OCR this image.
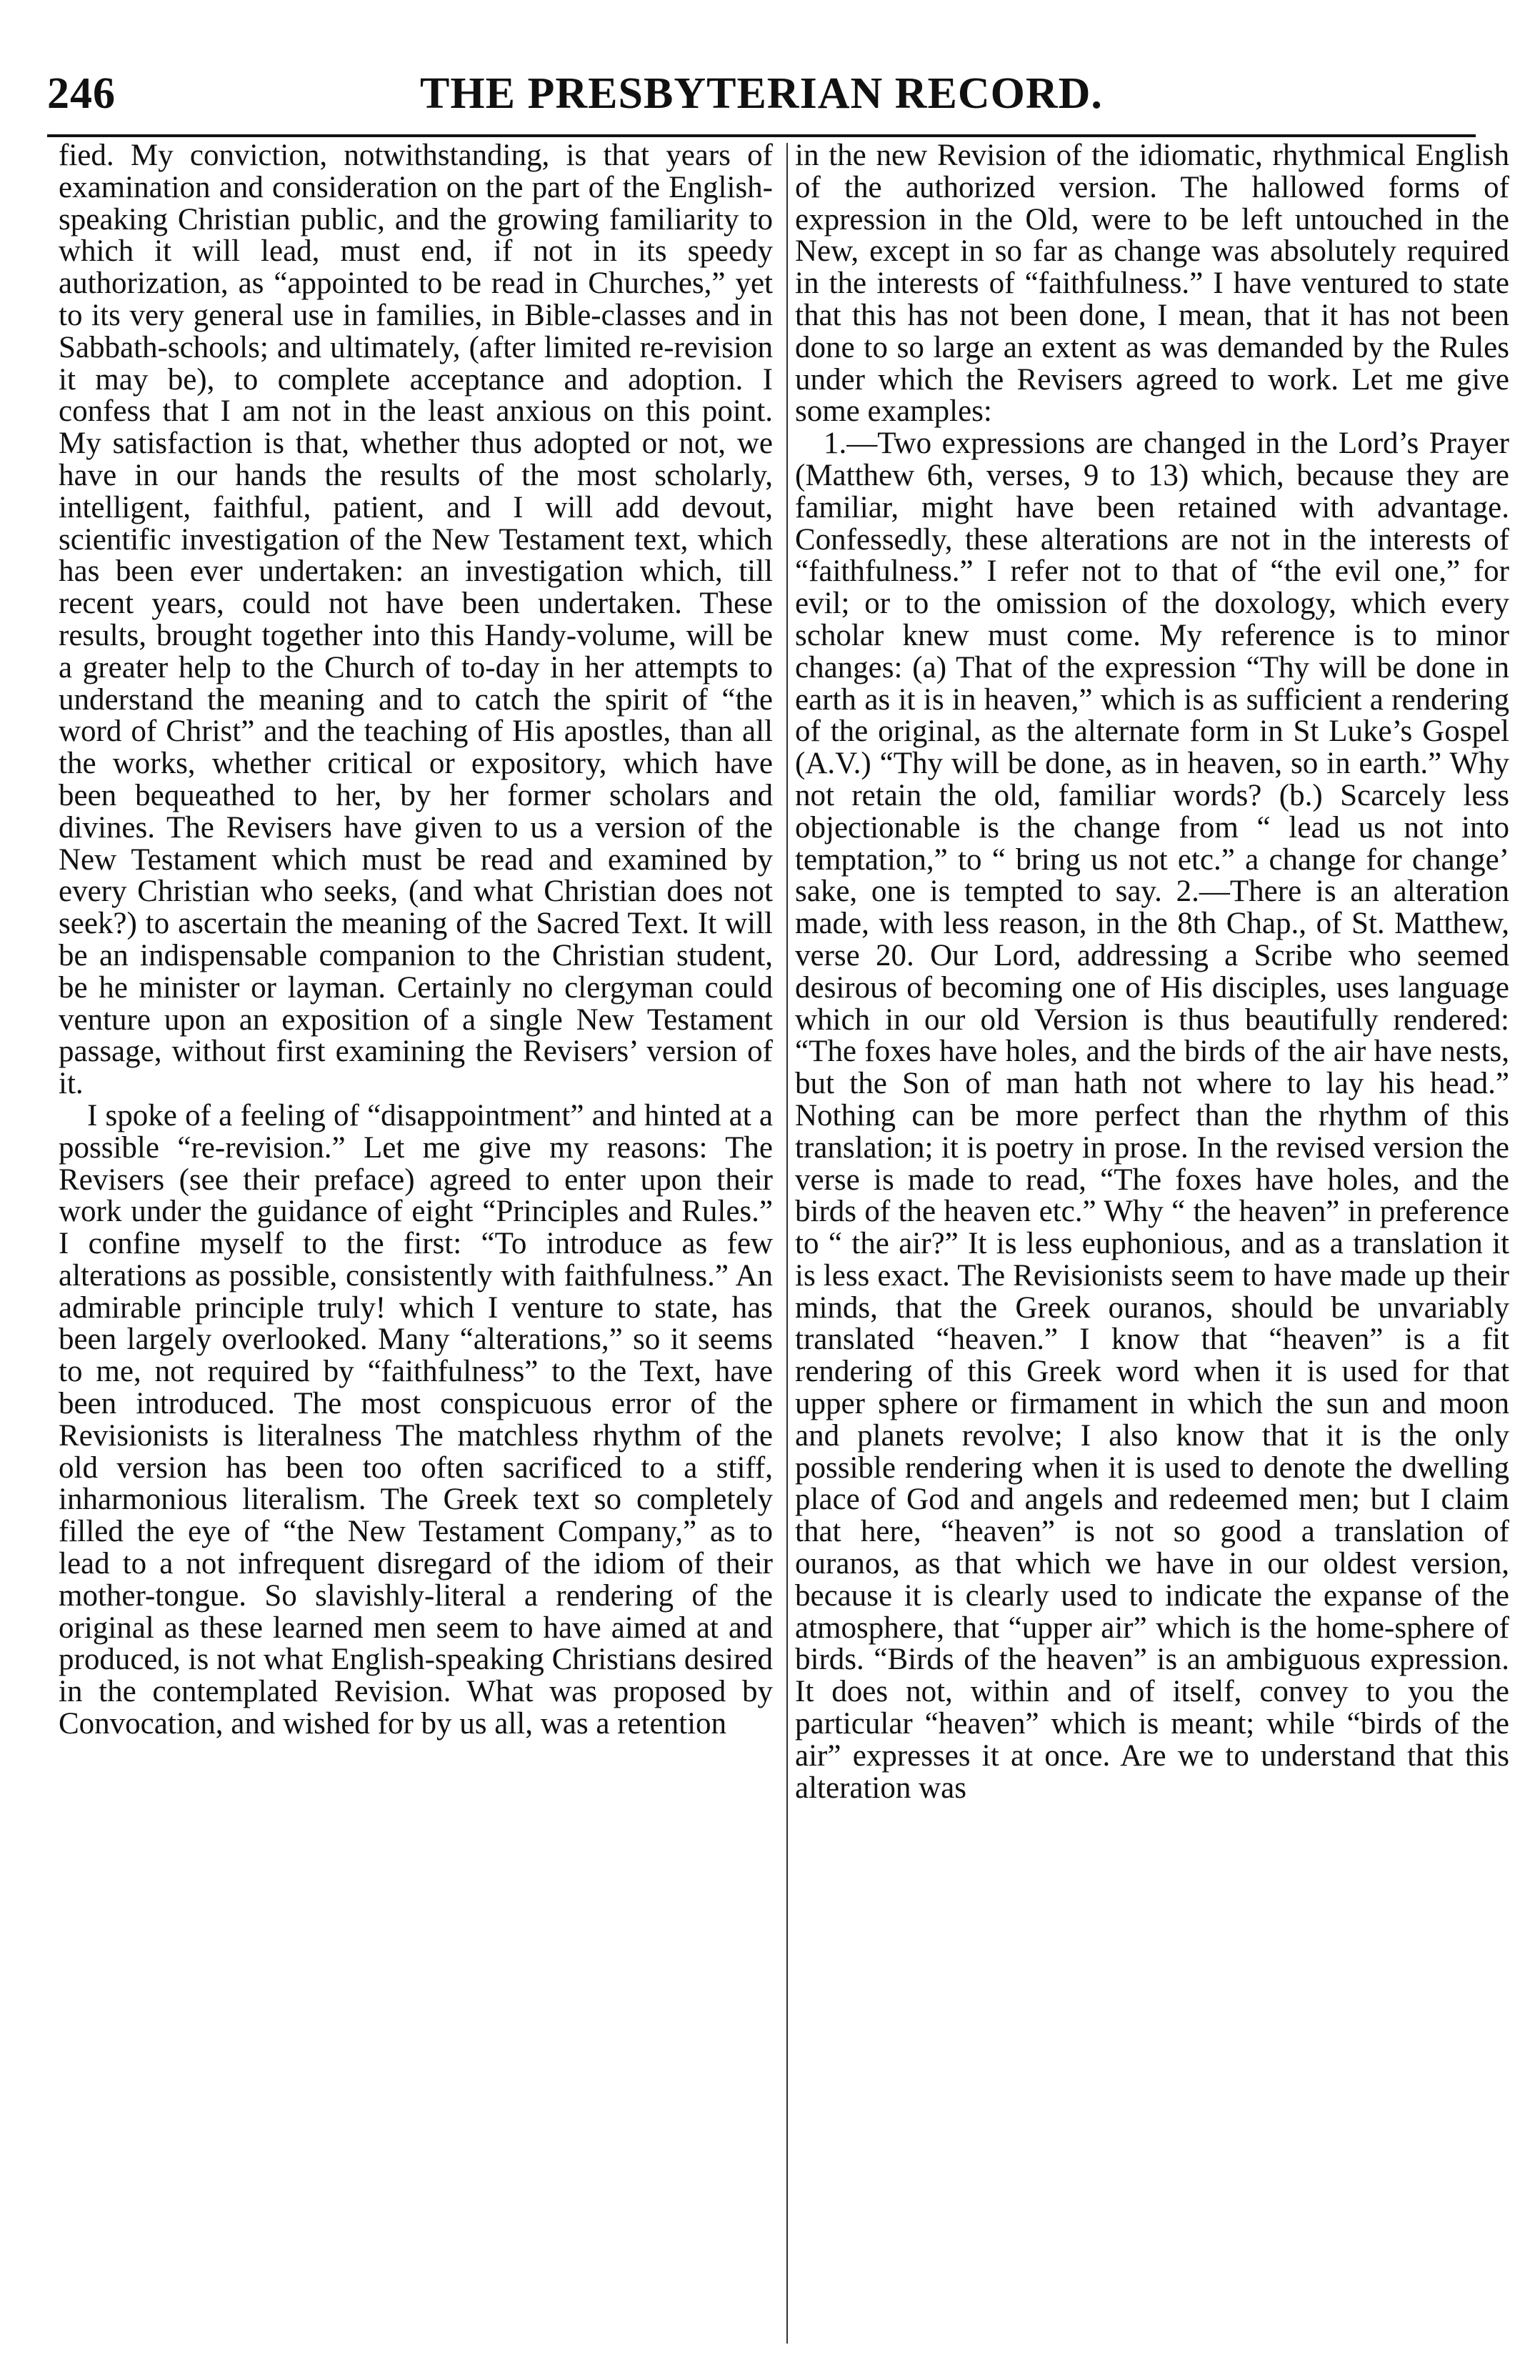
246	THE PRESBYTERIAN RECORD.

fied. My conviction, notwithstanding, is that years of examination and consideration on the part of the English-speaking Christian public, and the growing familiarity to which it will lead, must end, if not in its speedy authorization, as “appointed to be read in Churches,” yet to its very general use in families, in Bible-classes and in Sabbath-schools; and ultimately, (after limited re-revision it may be), to complete acceptance and adoption. I confess that I am not in the least anxious on this point. My satisfaction is that, whether thus adopted or not, we have in our hands the results of the most scholarly, intelligent, faithful, patient, and I will add devout, scientific investigation of the New Testament text, which has been ever undertaken: an investigation which, till recent years, could not have been undertaken. These results, brought together into this Handy-volume, will be a greater help to the Church of to-day in her attempts to understand the meaning and to catch the spirit of “the word of Christ” and the teaching of His apostles, than all the works, whether critical or expository, which have been bequeathed to her, by her former scholars and divines. The Revisers have given to us a version of the New Testament which must be read and examined by every Christian who seeks, (and what Christian does not seek?) to ascertain the meaning of the Sacred Text. It will be an indispensable companion to the Christian student, be he minister or layman. Certainly no clergyman could venture upon an exposition of a single New Testament passage, without first examining the Revisers’ version of it.

I spoke of a feeling of “disappointment” and hinted at a possible “re-revision.” Let me give my reasons: The Revisers (see their preface) agreed to enter upon their work under the guidance of eight “Principles and Rules.” I confine myself to the first: “To introduce as few alterations as possible, consistently with faithfulness.” An admirable principle truly! which I venture to state, has been largely overlooked. Many “alterations,” so it seems to me, not required by “faithfulness” to the Text, have been introduced. The most conspicuous error of the Revisionists is literalness The matchless rhythm of the old version has been too often sacrificed to a stiff, inharmonious literalism. The Greek text so completely filled the eye of “the New Testament Company,” as to lead to a not infrequent disregard of the idiom of their mother-tongue. So slavishly-literal a rendering of the original as these learned men seem to have aimed at and produced, is not what English-speaking Christians desired in the contemplated Revision. What was proposed by Convocation, and wished for by us all, was a retention

in the new Revision of the idiomatic, rhythmical English of the authorized version. The hallowed forms of expression in the Old, were to be left untouched in the New, except in so far as change was absolutely required in the interests of “faithfulness.” I have ventured to state that this has not been done, I mean, that it has not been done to so large an extent as was demanded by the Rules under which the Revisers agreed to work. Let me give some examples:

1.—Two expressions are changed in the Lord’s Prayer (Matthew 6th, verses, 9 to 13) which, because they are familiar, might have been retained with advantage. Confessedly, these alterations are not in the interests of “faithfulness.” I refer not to that of “the evil one,” for evil; or to the omission of the doxology, which every scholar knew must come. My reference is to minor changes: (a) That of the expression “Thy will be done in earth as it is in heaven,” which is as sufficient a rendering of the original, as the alternate form in St Luke’s Gospel (A.V.) “Thy will be done, as in heaven, so in earth.” Why not retain the old, familiar words? (b.) Scarcely less objectionable is the change from “ lead us not into temptation,” to “ bring us not etc.” a change for change’ sake, one is tempted to say. 2.—There is an alteration made, with less reason, in the 8th Chap., of St. Matthew, verse 20. Our Lord, addressing a Scribe who seemed desirous of becoming one of His disciples, uses language which in our old Version is thus beautifully rendered: “The foxes have holes, and the birds of the air have nests, but the Son of man hath not where to lay his head.” Nothing can be more perfect than the rhythm of this translation; it is poetry in prose. In the revised version the verse is made to read, “The foxes have holes, and the birds of the heaven etc.” Why “ the heaven” in preference to “ the air?” It is less euphonious, and as a translation it is less exact. The Revisionists seem to have made up their minds, that the Greek ouranos, should be unvariably translated “heaven.” I know that “heaven” is a fit rendering of this Greek word when it is used for that upper sphere or firmament in which the sun and moon and planets revolve; I also know that it is the only possible rendering when it is used to denote the dwelling place of God and angels and redeemed men; but I claim that here, “heaven” is not so good a translation of ouranos, as that which we have in our oldest version, because it is clearly used to indicate the expanse of the atmosphere, that “upper air” which is the home-sphere of birds. “Birds of the heaven” is an ambiguous expression. It does not, within and of itself, convey to you the particular “heaven” which is meant; while “birds of the air” expresses it at once. Are we to understand that this alteration was
